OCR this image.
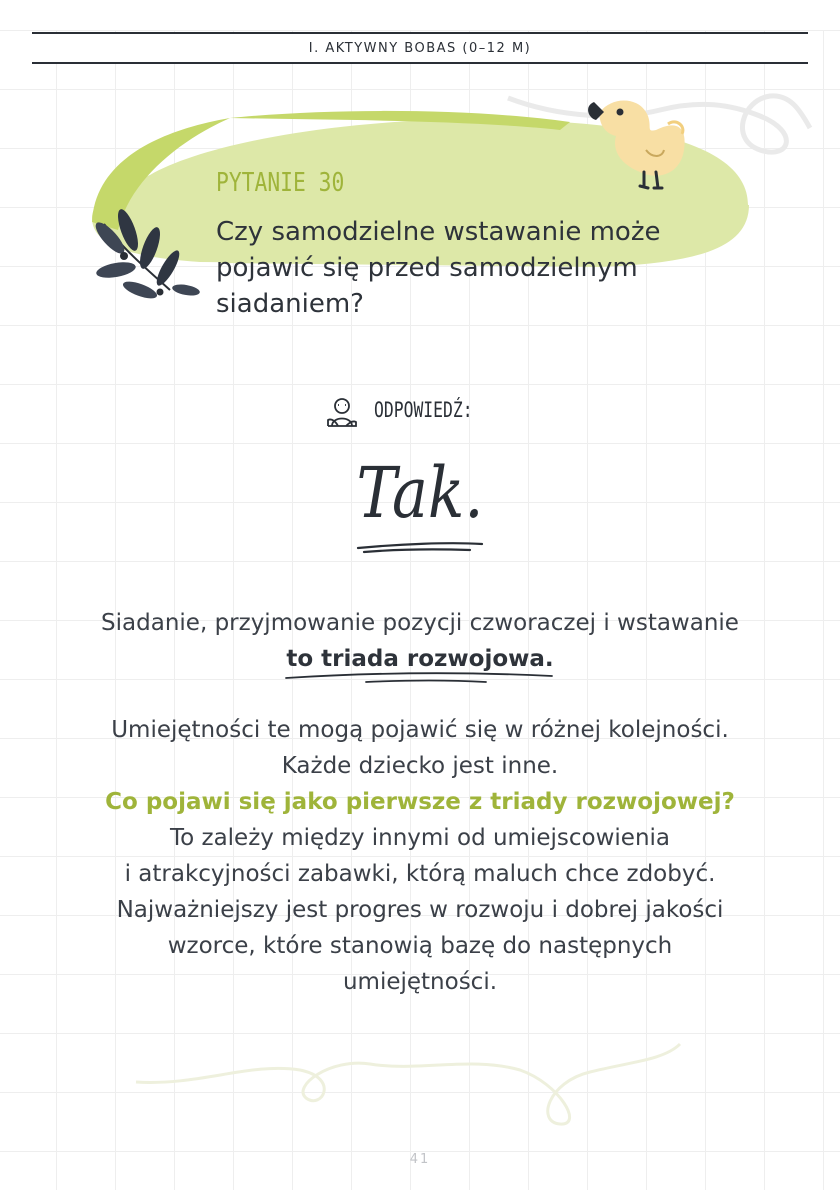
I. AKTYWNY BOBAS (0–12 M)
PYTANIE 30
Czy samodzielne wstawanie może
pojawić się przed samodzielnym
siadaniem?
ODPOWIEDŹ:
Tak.
Siadanie, przyjmowanie pozycji czworaczej i wstawanie
to triada rozwojowa.
Umiejętności te mogą pojawić się w różnej kolejności.
Każde dziecko jest inne.
Co pojawi się jako pierwsze z triady rozwojowej?
To zależy między innymi od umiejscowienia
i atrakcyjności zabawki, którą maluch chce zdobyć.
Najważniejszy jest progres w rozwoju i dobrej jakości
wzorce, które stanowią bazę do następnych
umiejętności.
41
